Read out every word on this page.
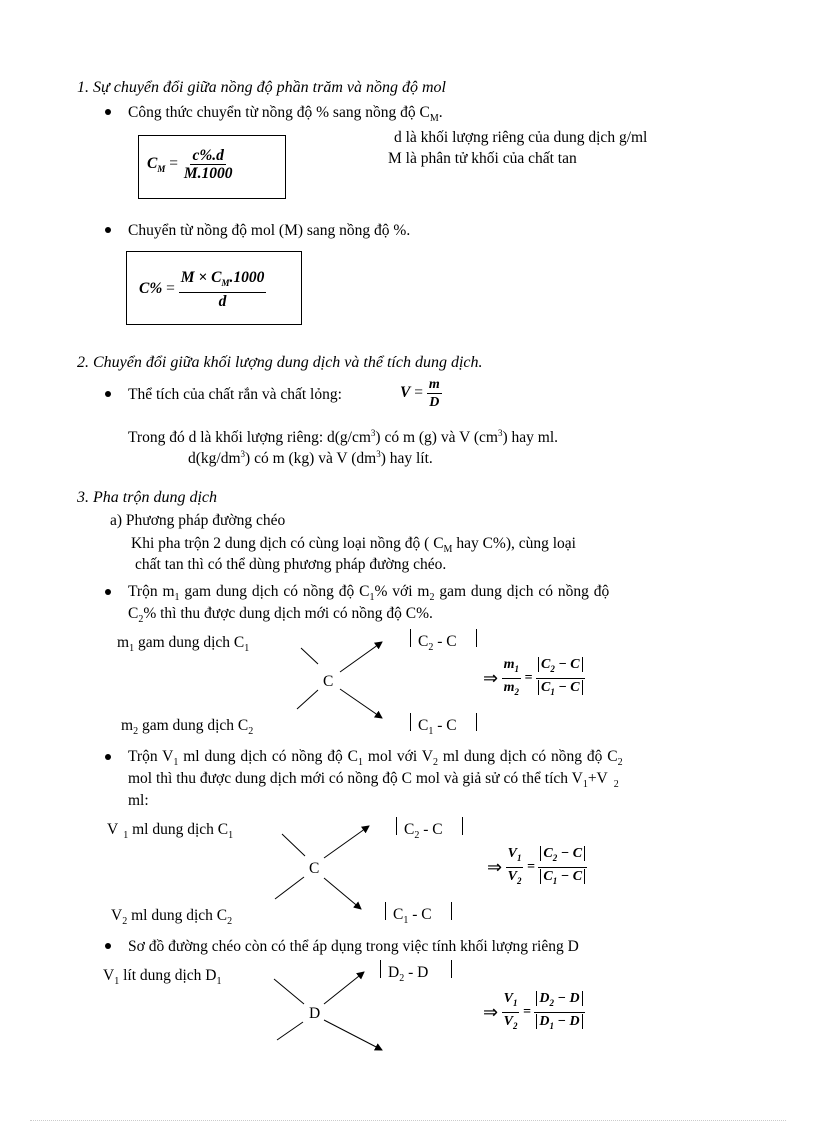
1. Sự chuyển đổi giữa nồng độ phần trăm và nồng độ mol
Công thức chuyển từ nồng độ % sang nồng độ $C_M$.
d là khối lượng riêng của dung dịch g/ml
M là phân tử khối của chất tan
$C_M = \frac{c\%.d}{M.1000}$
Chuyển từ nồng độ mol (M) sang nồng độ %.
$C\% = \frac{M \times C_M.1000}{d}$
2. Chuyển đổi giữa khối lượng dung dịch và thể tích dung dịch.
Thể tích của chất rắn và chất lỏng:	$V = \frac{m}{D}$
Trong đó d là khối lượng riêng: $d(g/cm^3)$ có m (g) và V $(cm^3)$ hay ml.
$d(kg/dm^3)$ có m (kg) và V $(dm^3)$ hay lít.
3. Pha trộn dung dịch
a) Phương pháp đường chéo
Khi pha trộn 2 dung dịch có cùng loại nồng độ ( $C_M$ hay C%), cùng loại
chất tan thì có thể dùng phương pháp đường chéo.
Trộn $m_1$ gam dung dịch có nồng độ $C_1\%$ với $m_2$ gam dung dịch có nồng độ
$C_2\%$ thì thu được dung dịch mới có nồng độ C%.
$m_1$ gam dung dịch $C_1$
$m_2$ gam dung dịch $C_2$
C
$C_2$ - C
$C_1$ - C
⇒ $\frac{m_1}{m_2} = \frac{C_2 - C}{C_1 - C}$
Trộn $V_1$ ml dung dịch có nồng độ $C_1$ mol với $V_2$ ml dung dịch có nồng độ $C_2$
mol thì thu được dung dịch mới có nồng độ C mol và giả sử có thể tích $V_1+V$ $_2$
ml:
V $_1$ ml dung dịch $C_1$
$V_2$ ml dung dịch $C_2$
C
$C_2$ - C
$C_1$ - C
⇒ $\frac{V_1}{V_2} = \frac{C_2 - C}{C_1 - C}$
Sơ đồ đường chéo còn có thể áp dụng trong việc tính khối lượng riêng D
$V_1$ lít dung dịch $D_1$
D
$D_2$ - D
⇒ $\frac{V_1}{V_2} = \frac{D_2 - D}{D_1 - D}$
